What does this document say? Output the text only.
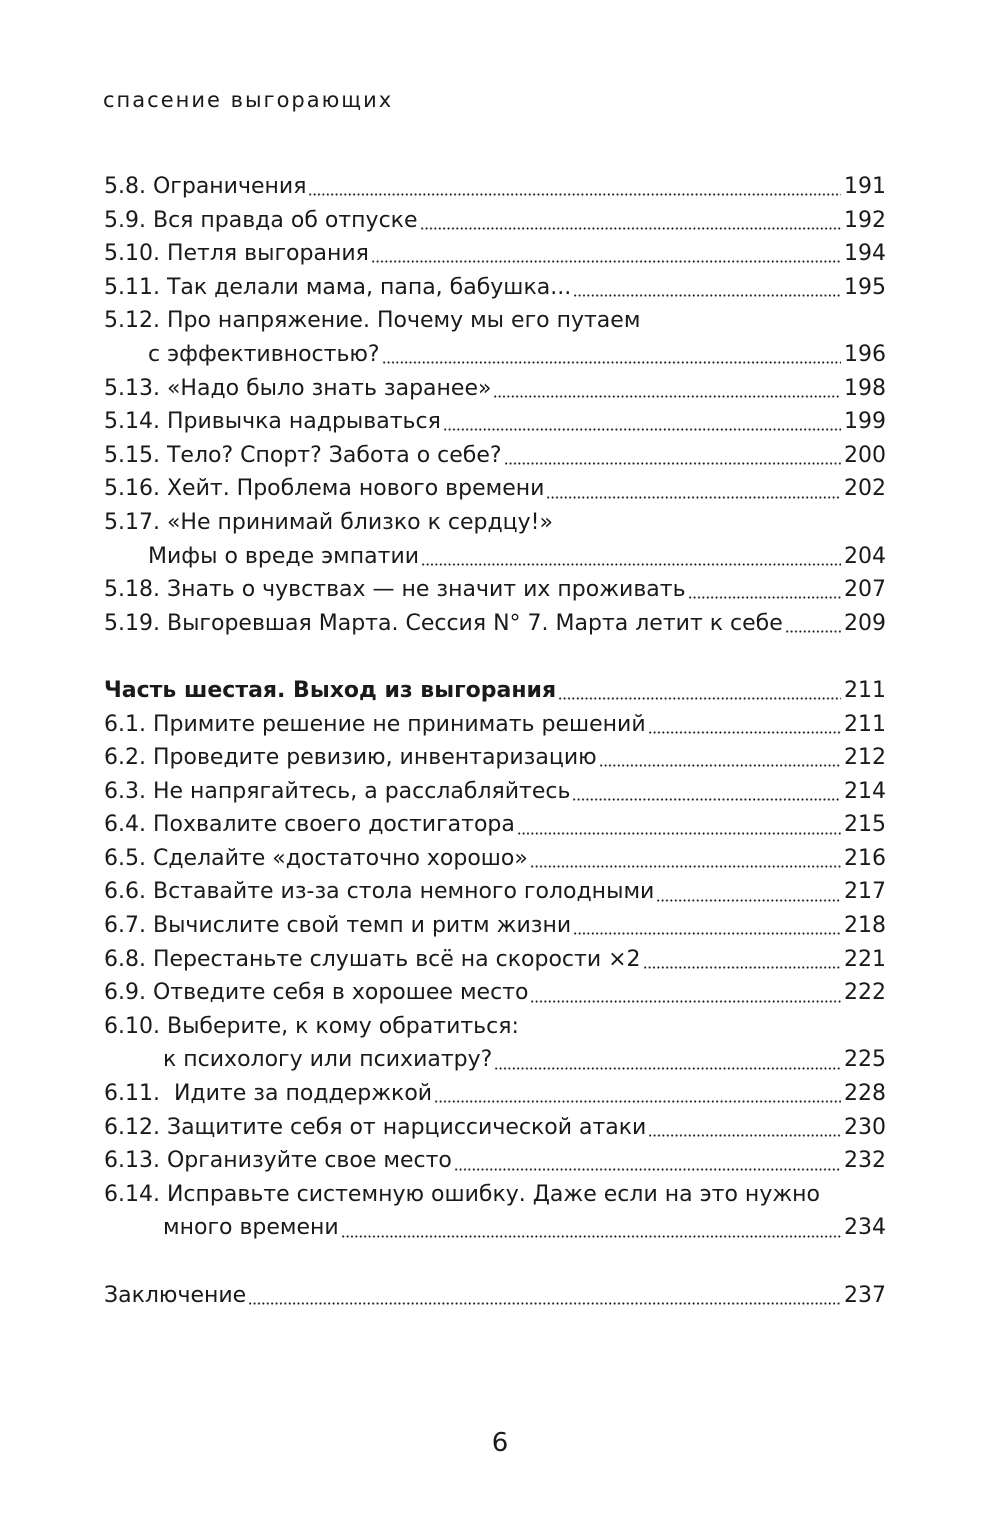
спасение выгорающих
5.8. Ограничения	191
5.9. Вся правда об отпуске	192
5.10. Петля выгорания	194
5.11. Так делали мама, папа, бабушка...	195
5.12. Про напряжение. Почему мы его путаем
с эффективностью?	196
5.13. «Надо было знать заранее»	198
5.14. Привычка надрываться	199
5.15. Тело? Спорт? Забота о себе?	200
5.16. Хейт. Проблема нового времени	202
5.17. «Не принимай близко к сердцу!»
Мифы о вреде эмпатии	204
5.18. Знать о чувствах — не значит их проживать	207
5.19. Выгоревшая Марта. Сессия N° 7. Марта летит к себе	209
Часть шестая. Выход из выгорания	211
6.1. Примите решение не принимать решений	211
6.2. Проведите ревизию, инвентаризацию	212
6.3. Не напрягайтесь, а расслабляйтесь	214
6.4. Похвалите своего достигатора	215
6.5. Сделайте «достаточно хорошо»	216
6.6. Вставайте из-за стола немного голодными	217
6.7. Вычислите свой темп и ритм жизни	218
6.8. Перестаньте слушать всё на скорости ×2	221
6.9. Отведите себя в хорошее место	222
6.10. Выберите, к кому обратиться:
к психологу или психиатру?	225
6.11.  Идите за поддержкой	228
6.12. Защитите себя от нарциссической атаки	230
6.13. Организуйте свое место	232
6.14. Исправьте системную ошибку. Даже если на это нужно
много времени	234
Заключение	237
6
